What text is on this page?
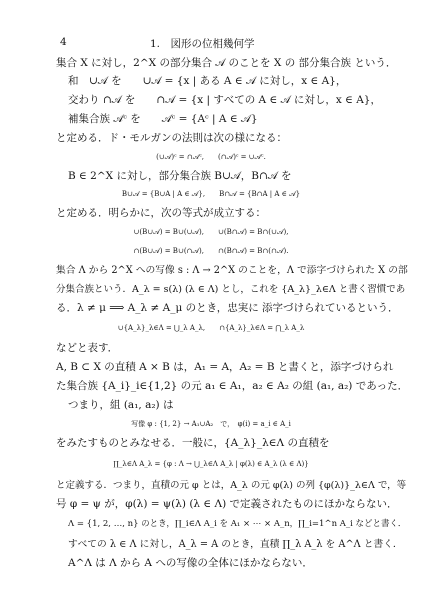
4	1.　図形の位相幾何学
集合 X に対し，2^X の部分集合 𝒜 のことを X の 部分集合族 という．
和　∪𝒜 を　　∪𝒜 = {x | ある A ∈ 𝒜 に対し，x ∈ A}，
交わり ∩𝒜 を　　∩𝒜 = {x | すべての A ∈ 𝒜 に対し，x ∈ A}，
補集合族 𝒜ᶜ を　　𝒜ᶜ = {Aᶜ | A ∈ 𝒜}
と定める．ド・モルガンの法則は次の様になる：
(∪𝒜)ᶜ = ∩𝒜ᶜ,　　(∩𝒜)ᶜ = ∪𝒜ᶜ.
B ∈ 2^X に対し，部分集合族 B∪𝒜，B∩𝒜 を
B∪𝒜 = {B∪A | A ∈ 𝒜},　　B∩𝒜 = {B∩A | A ∈ 𝒜}
と定める．明らかに，次の等式が成立する：
∪(B∪𝒜) = B∪(∪𝒜),　　∪(B∩𝒜) = B∩(∪𝒜),
∩(B∪𝒜) = B∪(∩𝒜),　　∩(B∩𝒜) = B∩(∩𝒜).
集合 Λ から 2^X への写像 s : Λ → 2^X のことを，Λ で添字づけられた X の部
分集合族という．A_λ = s(λ) (λ ∈ Λ) とし，これを {A_λ}_λ∈Λ と書く習慣であ
る．λ ≠ μ ⟹ A_λ ≠ A_μ のとき，忠実に 添字づけられているという．
∪{A_λ}_λ∈Λ = ⋃_λ A_λ,　　∩{A_λ}_λ∈Λ = ⋂_λ A_λ
などと表す．
A, B ⊂ X の直積 A × B は，A₁ = A，A₂ = B と書くと，添字づけられ
た集合族 {A_i}_i∈{1,2} の元 a₁ ∈ A₁，a₂ ∈ A₂ の組 (a₁, a₂) であった．
つまり，組 (a₁, a₂) は
写像 φ : {1, 2} → A₁∪A₂　で，　φ(i) = a_i ∈ A_i
をみたすものとみなせる．一般に，{A_λ}_λ∈Λ の直積を
∏_λ∈Λ A_λ = {φ : Λ → ⋃_λ∈Λ A_λ | φ(λ) ∈ A_λ (λ ∈ Λ)}
と定義する．つまり，直積の元 φ とは，A_λ の元 φ(λ) の列 {φ(λ)}_λ∈Λ で，等
号 φ = ψ が，φ(λ) = ψ(λ) (λ ∈ Λ) で定義されたものにほかならない．
Λ = {1, 2, …, n} のとき，∏_i∈Λ A_i を A₁ × ⋯ × A_n，∏_i=1^n A_i などと書く．
すべての λ ∈ Λ に対し，A_λ = A のとき，直積 ∏_λ A_λ を A^Λ と書く．
A^Λ は Λ から A への写像の全体にほかならない．
